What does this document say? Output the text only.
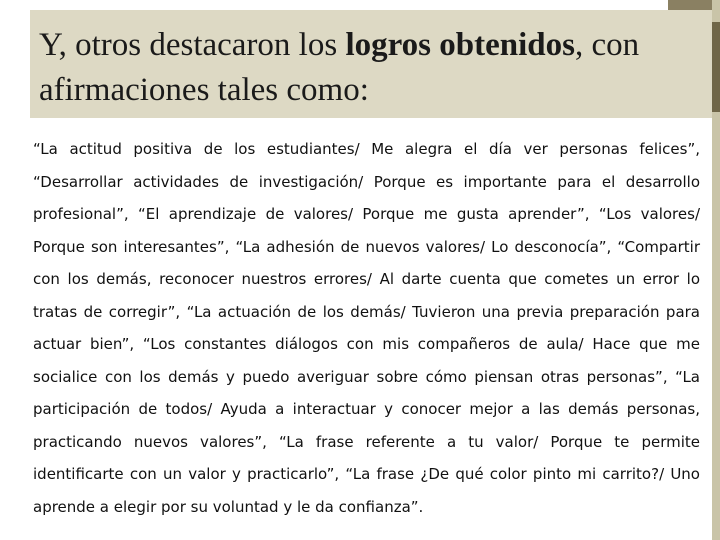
Y, otros destacaron los logros obtenidos, con afirmaciones tales como:

“La actitud positiva de los estudiantes/ Me alegra el día ver personas felices”, “Desarrollar actividades de investigación/ Porque es importante para el desarrollo profesional”, “El aprendizaje de valores/ Porque me gusta aprender”, “Los valores/ Porque son interesantes”, “La adhesión de nuevos valores/ Lo desconocía”, “Compartir con los demás, reconocer nuestros errores/ Al darte cuenta que cometes un error lo tratas de corregir”, “La actuación de los demás/ Tuvieron una previa preparación para actuar bien”, “Los constantes diálogos con mis compañeros de aula/ Hace que me socialice con los demás y puedo averiguar sobre cómo piensan otras personas”, “La participación de todos/ Ayuda a interactuar y conocer mejor a las demás personas, practicando nuevos valores”, “La frase referente a tu valor/ Porque te permite identificarte con un valor y practicarlo”, “La frase ¿De qué color pinto mi carrito?/ Uno aprende a elegir por su voluntad y le da confianza”.
